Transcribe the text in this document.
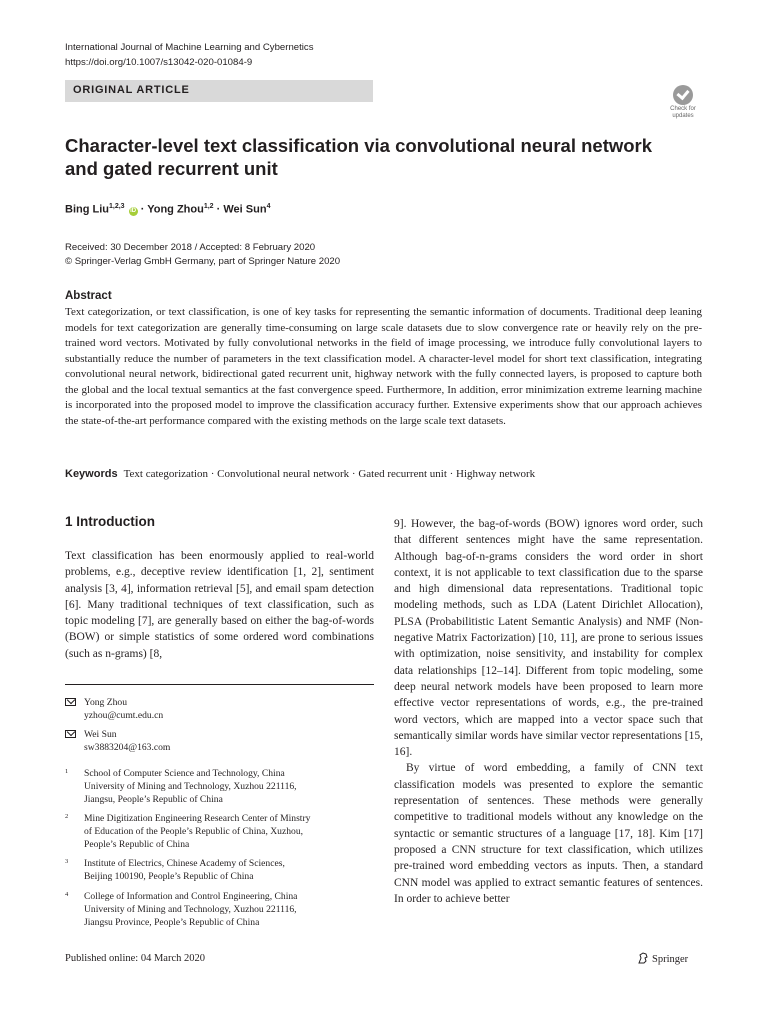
International Journal of Machine Learning and Cybernetics
https://doi.org/10.1007/s13042-020-01084-9
ORIGINAL ARTICLE
Check for
updates
Character-level text classification via convolutional neural network
and gated recurrent unit
Bing Liu$^{1,2,3}$ iD · Yong Zhou$^{1,2}$ · Wei Sun$^4$
Received: 30 December 2018 / Accepted: 8 February 2020
© Springer-Verlag GmbH Germany, part of Springer Nature 2020
Abstract
Text categorization, or text classification, is one of key tasks for representing the semantic information of documents. Traditional deep leaning models for text categorization are generally time-consuming on large scale datasets due to slow convergence rate or heavily rely on the pre-trained word vectors. Motivated by fully convolutional networks in the field of image processing, we introduce fully convolutional layers to substantially reduce the number of parameters in the text classification model. A character-level model for short text classification, integrating convolutional neural network, bidirectional gated recurrent unit, highway network with the fully connected layers, is proposed to capture both the global and the local textual semantics at the fast convergence speed. Furthermore, In addition, error minimization extreme learning machine is incorporated into the proposed model to improve the classification accuracy further. Extensive experiments show that our approach achieves the state-of-the-art performance compared with the existing methods on the large scale text datasets.
Keywords Text categorization · Convolutional neural network · Gated recurrent unit · Highway network
1 Introduction
Text classification has been enormously applied to real-world problems, e.g., deceptive review identification [1, 2], sentiment analysis [3, 4], information retrieval [5], and email spam detection [6]. Many traditional techniques of text classification, such as topic modeling [7], are generally based on either the bag-of-words (BOW) or simple statistics of some ordered word combinations (such as n-grams) [8,

9]. However, the bag-of-words (BOW) ignores word order, such that different sentences might have the same representation. Although bag-of-n-grams considers the word order in short context, it is not applicable to text classification due to the sparse and high dimensional data representations. Traditional topic modeling methods, such as LDA (Latent Dirichlet Allocation), PLSA (Probabilitistic Latent Semantic Analysis) and NMF (Non-negative Matrix Factorization) [10, 11], are prone to serious issues with optimization, noise sensitivity, and instability for complex data relationships [12–14]. Different from topic modeling, some deep neural network models have been proposed to learn more effective vector representations of words, e.g., the pre-trained word vectors, which are mapped into a vector space such that semantically similar words have similar vector representations [15, 16].

By virtue of word embedding, a family of CNN text classification models was presented to explore the semantic representation of sentences. These methods were generally competitive to traditional models without any knowledge on the syntactic or semantic structures of a language [17, 18]. Kim [17] proposed a CNN structure for text classification, which utilizes pre-trained word embedding vectors as inputs. Then, a standard CNN model was applied to extract semantic features of sentences. In order to achieve better

Yong Zhou
yzhou@cumt.edu.cn
Wei Sun
sw3883204@163.com
1 School of Computer Science and Technology, China
University of Mining and Technology, Xuzhou 221116,
Jiangsu, People’s Republic of China
2 Mine Digitization Engineering Research Center of Minstry
of Education of the People’s Republic of China, Xuzhou,
People’s Republic of China
3 Institute of Electrics, Chinese Academy of Sciences,
Beijing 100190, People’s Republic of China
4 College of Information and Control Engineering, China
University of Mining and Technology, Xuzhou 221116,
Jiangsu Province, People’s Republic of China
Published online: 04 March 2020	Springer
